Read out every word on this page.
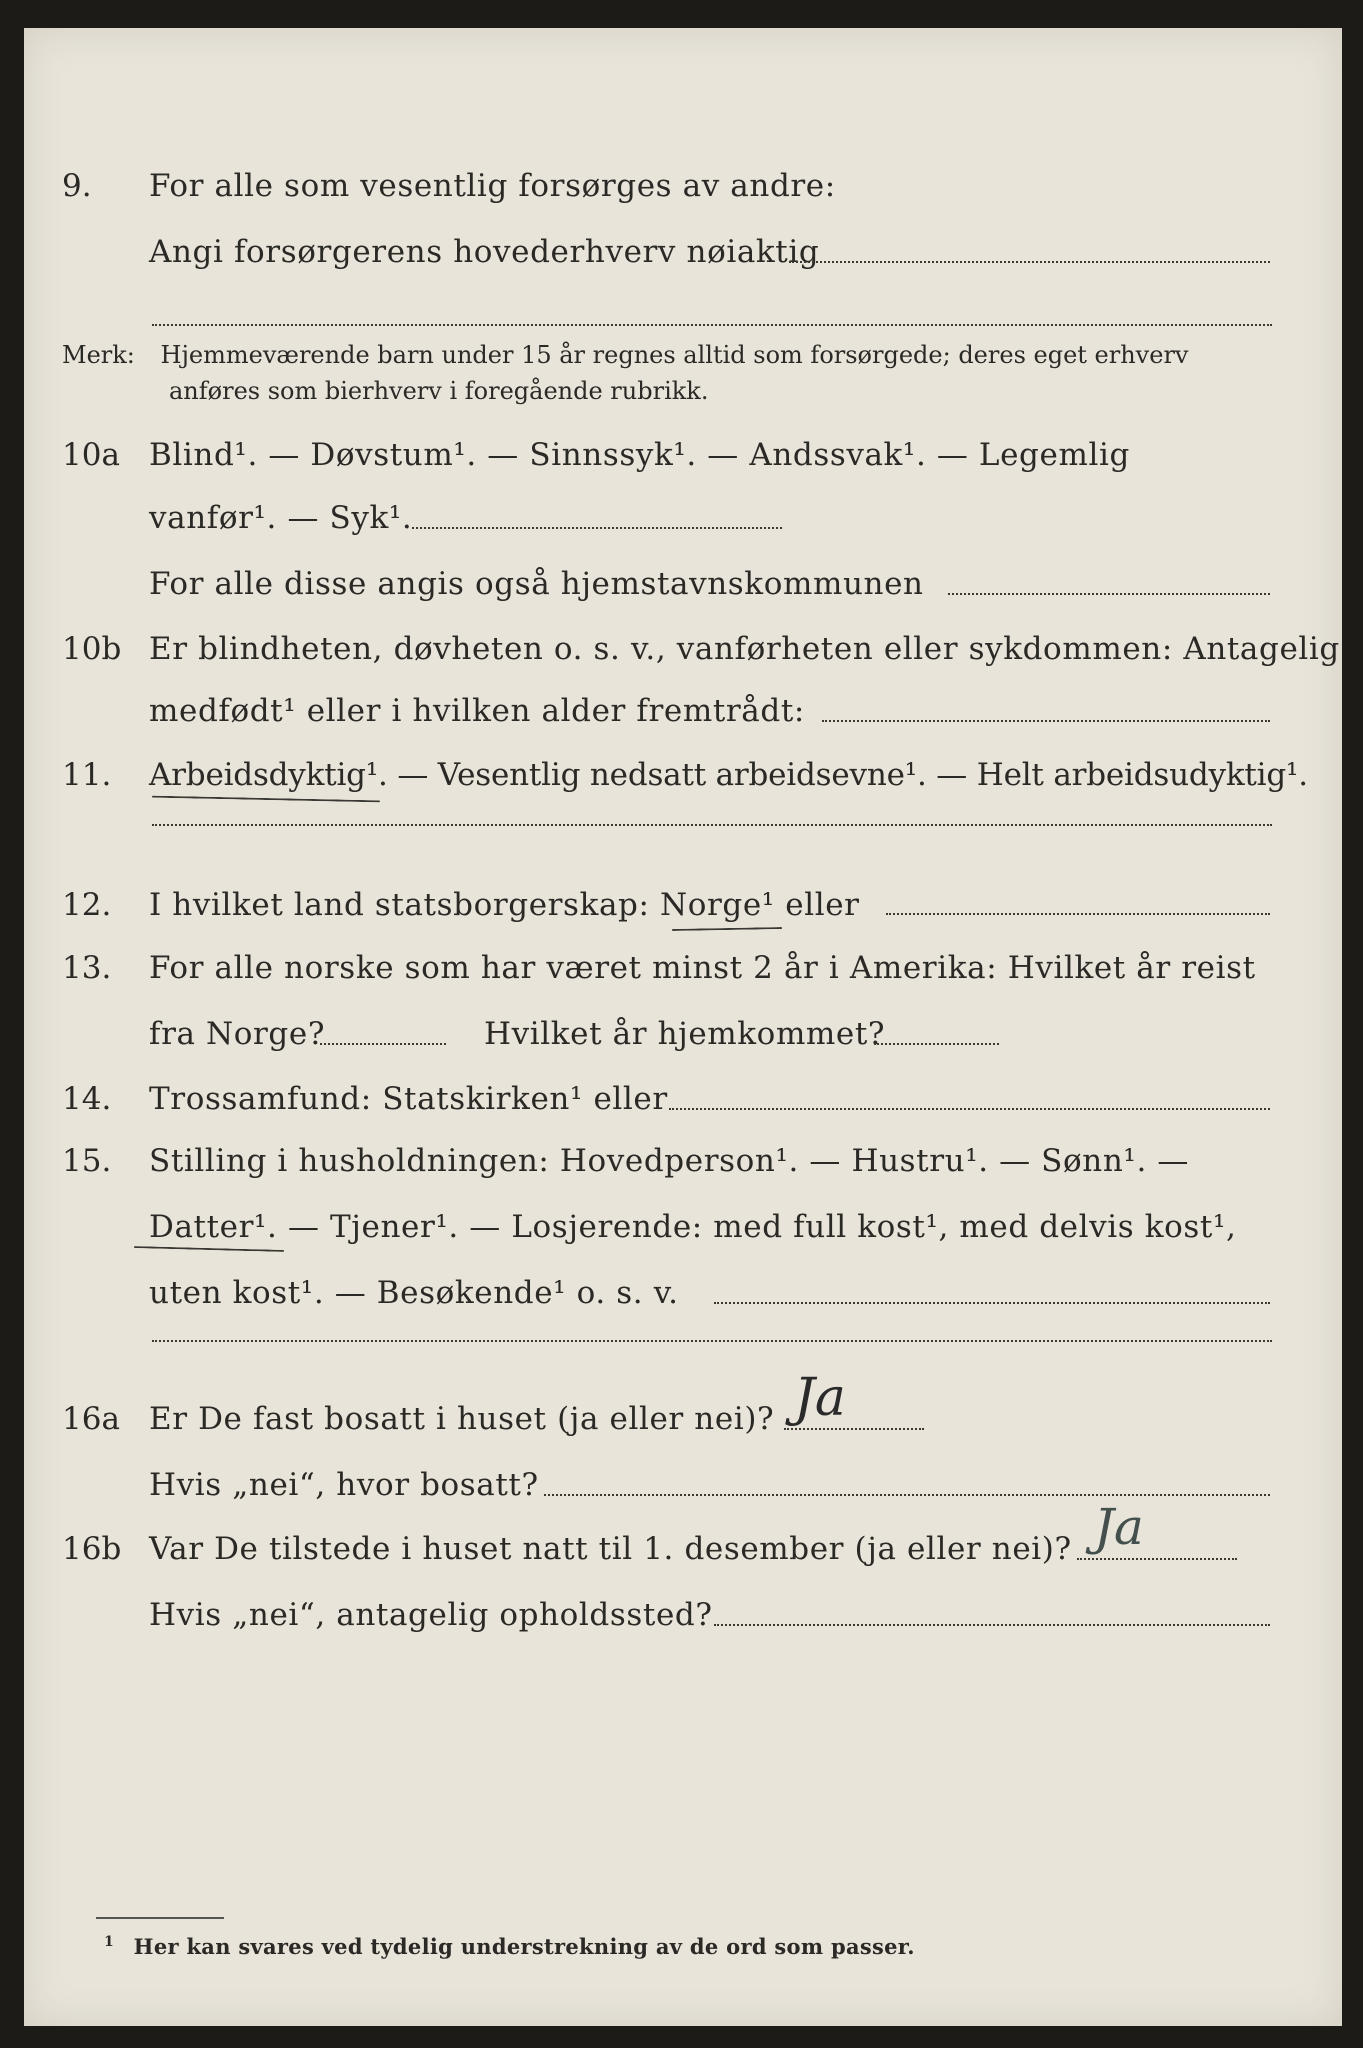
9. For alle som vesentlig forsørges av andre:
Angi forsørgerens hovederhverv nøiaktig
Merk: Hjemmeværende barn under 15 år regnes alltid som forsørgede; deres eget erhverv
anføres som bierhverv i foregående rubrikk.
10a Blind¹. — Døvstum¹. — Sinnssyk¹. — Andssvak¹. — Legemlig
vanfør¹. — Syk¹.
For alle disse angis også hjemstavnskommunen
10b Er blindheten, døvheten o. s. v., vanførheten eller sykdommen: Antagelig
medfødt¹ eller i hvilken alder fremtrådt:
11. Arbeidsdyktig¹. — Vesentlig nedsatt arbeidsevne¹. — Helt arbeidsudyktig¹.
12. I hvilket land statsborgerskap: Norge¹ eller
13. For alle norske som har været minst 2 år i Amerika: Hvilket år reist
fra Norge?	Hvilket år hjemkommet?
14. Trossamfund: Statskirken¹ eller
15. Stilling i husholdningen: Hovedperson¹. — Hustru¹. — Sønn¹. —
Datter¹. — Tjener¹. — Losjerende: med full kost¹, med delvis kost¹,
uten kost¹. — Besøkende¹ o. s. v.
16a Er De fast bosatt i huset (ja eller nei)? Ja
Hvis „nei“, hvor bosatt?
16b Var De tilstede i huset natt til 1. desember (ja eller nei)? Ja
Hvis „nei“, antagelig opholdssted?
$^1$ Her kan svares ved tydelig understrekning av de ord som passer.
